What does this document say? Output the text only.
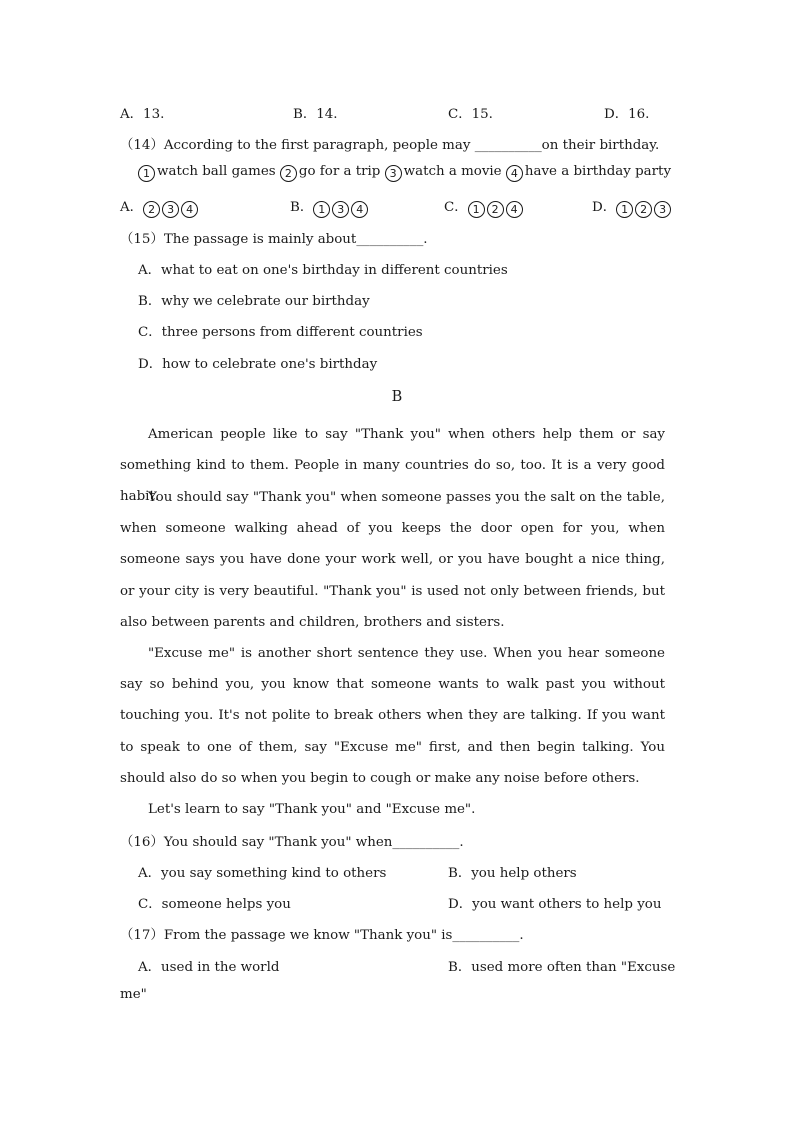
A．13.	B．14.	C．15.	D．16.
（14）According to the first paragraph, people may __________on their birthday.
1 watch ball games 2 go for a trip 3 watch a movie 4 have a birthday party
A． 2 3 4	B． 1 3 4	C． 1 2 4	D． 1 2 3
（15）The passage is mainly about__________.
A．what to eat on one's birthday in different countries
B．why we celebrate our birthday
C．three persons from different countries
D．how to celebrate one's birthday
B

American people like to say "Thank you" when others help them or say something kind to them. People in many countries do so, too. It is a very good habit.

You should say "Thank you" when someone passes you the salt on the table, when someone walking ahead of you keeps the door open for you, when someone says you have done your work well, or you have bought a nice thing, or your city is very beautiful. "Thank you" is used not only between friends, but also between parents and children, brothers and sisters.

"Excuse me" is another short sentence they use. When you hear someone say so behind you, you know that someone wants to walk past you without touching you. It's not polite to break others when they are talking. If you want to speak to one of them, say "Excuse me" first, and then begin talking. You should also do so when you begin to cough or make any noise before others.

Let's learn to say "Thank you" and "Excuse me".

（16）You should say "Thank you" when__________.
A．you say something kind to others	B．you help others
C．someone helps you	D．you want others to help you
（17）From the passage we know "Thank you" is__________.
A．used in the world	B．used more often than "Excuse
me"
